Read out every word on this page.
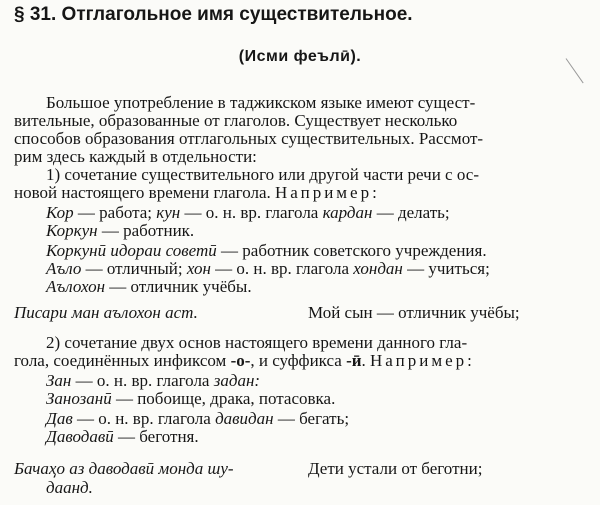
§ 31. Отглагольное имя существительное.
(Исми феълӣ).
Большое употребление в таджикском языке имеют сущест-
вительные, образованные от глаголов. Существует несколько
способов образования отглагольных существительных. Рассмот-
рим здесь каждый в отдельности:
1) сочетание существительного или другой части речи с ос-
новой настоящего времени глагола. Например:
Кор — работа; кун — о. н. вр. глагола кардан — делать;
Коркун — работник.
Коркунӣ идораи советӣ — работник советского учреждения.
Аъло — отличный; хон — о. н. вр. глагола хондан — учиться;
Аълохон — отличник учёбы.
Писари ман аълохон аст.	Мой сын — отличник учёбы;
2) сочетание двух основ настоящего времени данного гла-
гола, соединённых инфиксом -о-, и суффикса -ӣ. Например:
Зан — о. н. вр. глагола задан:
Занозанӣ — побоище, драка, потасовка.
Дав — о. н. вр. глагола давидан — бегать;
Даводавӣ — беготня.
Бачаҳо аз даводавӣ монда шу-
даанд.
Дети устали от беготни;
